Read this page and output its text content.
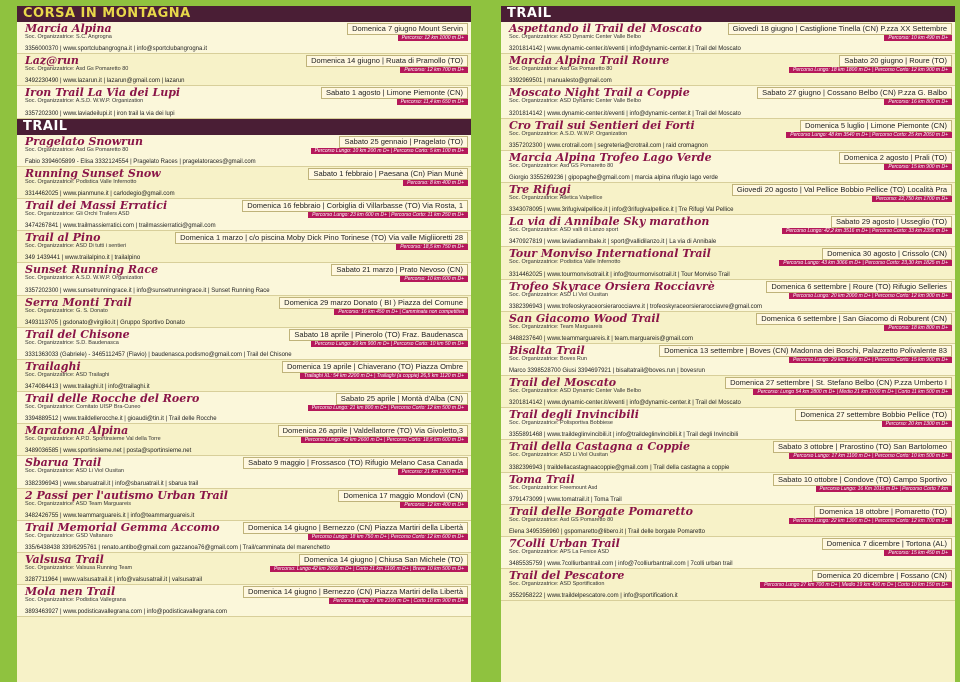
CORSA IN MONTAGNA
Marcia Alpina
Soc. Organizzatrice: S.C. Angrogna
Domenica 7 giugno Mount Servin
Percorso: 12 km 1000 m D+
3356000370 | www.sportclubangrogna.it | info@sportclubangrogna.it
Laz@run
Soc. Organizzatrice: Asd Gs Pomaretto 80
Domenica 14 giugno | Ruata di Pramollo (TO)
Percorso: 12 km 700 m D+
3492230490 | www.lazarun.it | lazarun@gmail.com | lazarun
Iron Trail La Via dei Lupi
Soc. Organizzatrice: A.S.D. W.W.P. Organization
Sabato 1 agosto | Limone Piemonte (CN)
Percorso: 11,4 km 650 m D+
3357202300 | www.laviadeilupi.it | iron trail la via dei lupi
TRAIL
Pragelato Snowrun
Soc. Organizzatrice: Asd Gs Pomaretto 80
Sabato 25 gennaio | Pragelato (TO)
Percorso Lungo: 10 km 200 m D+ | Percorso Corto: 5 km 100 m D+
Fabio 3394605899 - Elisa 3332124554 | Pragelato Races | pragelatoraces@gmail.com
Running Sunset Snow
Soc. Organizzatrice: Podistica Valle Infernotto
Sabato 1 febbraio | Paesana (Cn) Pian Munè
Percorso: 8 km 400 m D+
3314462025 | www.pianmune.it | carlodegio@gmail.com
Trail dei Massi Erratici
Soc. Organizzatrice: Gli Orchi Trailers ASD
Domenica 16 febbraio | Corbiglia di Villarbasse (TO) Via Rosta, 1
Percorso Lungo: 23 km 600 m D+ | Percorso Corto: 11 km 250 m D+
3474267841 | www.trailmassierratici.com | trailmassierratici@gmail.com
Trail al Pino
Soc. Organizzatrice: ASD Di tutti i sentieri
Domenica 1 marzo | c/o piscina Moby Dick Pino Torinese (TO) Via valle Migliioretti 28
Percorso: 18,5 km 750 m D+
349 1439441 | www.trailalpino.it | trailalpino
Sunset Running Race
Soc. Organizzatrice: A.S.D. W.W.P. Organization
Sabato 21 marzo | Prato Nevoso (CN)
Percorso: 10 km 600 m D+
3357202300 | www.sunsetrunningrace.it | info@sunsetrunningrace.it | Sunset Running Race
Serra Monti Trail
Soc. Organizzatrice: G. S. Donato
Domenica 29 marzo Donato ( BI ) Piazza del Comune
Percorso: 16 km 450 m D+ | Camminata non competitiva
3493113705 | gsdonato@virgilio.it | Gruppo Sportivo Donato
Trail del Chisone
Soc. Organizzatrice: S.D. Baudenasca
Sabato 18 aprile | Pinerolo (TO) Fraz. Baudenasca
Percorso Lungo: 20 km 900 m D+ | Percorso Corto: 10 km 50 m D+
3331363033 (Gabriele) - 3465112457 (Flavio) | baudenasca.podismo@gmail.com | Trail del Chisone
Trailaghi
Soc. Organizzatrice: ASD Trailaghi
Domenica 19 aprile | Chiaverano (TO) Piazza Ombre
Trailaghi XL: 54 km 2200 m D+ | Trailaghi (a coppie) 26,5 km 1120 m D+
3474084413 | www.trailaghi.it | info@trailaghi.it
Trail delle Rocche del Roero
Soc. Organizzatrice: Comitato UISP Bra-Cuneo
Sabato 25 aprile | Montà d'Alba (CN)
Percorso Lungo: 21 km 800 m D+ | Percorso Corto: 12 km 500 m D+
3394889512 | www.traildellerocche.it | gioaudi@tin.it | Trail delle Rocche
Maratona Alpina
Soc. Organizzatrice: A.P.D. Sportinsieme Val della Torre
Domenica 26 aprile | Valdellatorre (TO) Via Givoletto,3
Percorso Lungo: 42 km 2600 m D+ | Percorso Corto: 18,5 km 600 m D+
3489036585 | www.sportinsieme.net | posta@sportinsieme.net
Sbarua Trail
Soc. Organizzatrice: ASD Li Viol Ousitan
Sabato 9 maggio | Frossasco (TO) Rifugio Melano Casa Canada
Percorso: 21 km 1300 m D+
3382396943 | www.sbaruatrail.it | info@sbaruatrail.it | sbarua trail
2 Passi per l'autismo Urban Trail
Soc. Organizzatrice: ASD Team Marguareis
Domenica 17 maggio Mondovì (CN)
Percorso: 12 km 400 m D+
3482426755 | www.teammarguareis.it | info@teammarguareis.it
Trail Memorial Gemma Accomo
Soc. Organizzatrice: GSD Valtanaro
Domenica 14 giugno | Bernezzo (CN) Piazza Martiri della Libertà
Percorso Lungo: 18 km 750 m D+ | Percorso Corto: 12 km 600 m D+
335/6438438 339/6295761 | renato.antibo@gmail.com gazzanoa76@gmail.com | Trail/camminata del marenchetto
Valsusa Trail
Soc. Organizzatrice: Valsusa Running Team
Domenica 14 giugno | Chiusa San Michele (TO)
Percorso: Lungo 42 km 2600 m D+ | Corto 21 km 1100 m D+ | Breve 10 km 500 m D+
3287711964 | www.valsusatrail.it | info@valsusatrail.it | valsusatrail
Mola nen Trail
Soc. Organizzatrice: Podistica Vallegrana
Domenica 14 giugno | Bernezzo (CN) Piazza Martiri della Libertà
Percorso Lungo 37 km 2100 m D+ | Corto 18 km 900 m D+
3893463927 | www.podisticavallegrana.com | info@podisticavallegrana.com
TRAIL
Aspettando il Trail del Moscato
Soc. Organizzatrice: ASD Dynamic Center Valle Belbo
Giovedì 18 giugno | Castiglione Tinella (CN) P.zza XX Settembre
Percorso: 10 km 490 m D+
3201814142 | www.dynamic-center.it/eventi | info@dynamic-center.it | Trail del Moscato
Marcia Alpina Trail Roure
Soc. Organizzatrice: Asd Gs Pomaretto 80
Sabato 20 giugno | Roure (TO)
Percorso Lungo: 18 km 1800 m D+ | Percorso Corto: 12 km 900 m D+
3392969501 | manualesto@gmail.com
Moscato Night Trail a Coppie
Soc. Organizzatrice: ASD Dynamic Center Valle Belbo
Sabato 27 giugno | Cossano Belbo (CN) P.zza G. Balbo
Percorso: 16 km 800 m D+
3201814142 | www.dynamic-center.it/eventi | info@dynamic-center.it | Trail del Moscato
Cro Trail sui Sentieri dei Forti
Soc. Organizzatrice: A.S.D. W.W.P. Organization
Domenica 5 luglio | Limone Piemonte (CN)
Percorso Lungo: 48 km 3540 m D+ | Percorso Corto: 25 km 2050 m D+
3357202300 | www.crotrail.com | segreteria@crotrail.com | raid cromagnon
Marcia Alpina Trofeo Lago Verde
Soc. Organizzatrice: Asd GS Pomaretto 80
Domenica 2 agosto | Prali (TO)
Percorso: 15 km 900 m D+
Giorgio 3355269236 | gipopaghe@gmail.com | marcia alpina rifugio lago verde
Tre Rifugi
Soc. Organizzatrice: Atletica Valpellice
Giovedì 20 agosto | Val Pellice Bobbio Pellice (TO) Località Pra
Percorso: 22,750 km 1700 m D+
3343078095 | www.3rifugivalpellice.it | info@3rifugivalpellice.it | Tre Rifugi Val Pellice
La via di Annibale Sky marathon
Soc. Organizzatrice: ASD valli di Lanzo sport
Sabato 29 agosto | Usseglio (TO)
Percorso Lungo: 42,2 km 3516 m D+ | Percorso Corto: 33 km 2356 m D+
3470927819 | www.laviadiannibale.it | sport@vallidilanzo.it | La via di Annibale
Tour Monviso International Trail
Soc. Organizzatrice: Podistica Valle Infernotto
Domenica 30 agosto | Crissolo (CN)
Percorso Lungo: 43 km 3066 m D+ | Percorso Corto: 23,30 km 1825 m D+
3314462025 | www.tourmonvisotrail.it | info@tourmonvisotrail.it | Tour Monviso Trail
Trofeo Skyrace Orsiera Rocciavrè
Soc. Organizzatrice: ASD Li Viol Ousitan
Domenica 6 settembre | Roure (TO) Rifugio Selleries
Percorso Lungo: 20 km 2000 m D+ | Percorso Corto: 12 km 900 m D+
3382396943 | www.trofeoskyraceorsierarocciavre.it | trofeoskyraceorsierarocciavre@gmail.com
San Giacomo Wood Trail
Soc. Organizzatrice: Team Marguareis
Domenica 6 settembre | San Giacomo di Roburent (CN)
Percorso: 18 km 800 m D+
3488237640 | www.teammarguareis.it | team.marguareis@gmail.com
Bisalta Trail
Soc. Organizzatrice: Boves Run
Domenica 13 settembre | Boves (CN) Madonna dei Boschi, Palazzetto Polivalente 83
Percorso Lungo: 29 km 1700 m D+ | Percorso Corto: 15 km 900 m D+
Marco 3398528700 Giusi 3394697921 | bisaltatrail@boves.run | bovesrun
Trail del Moscato
Soc. Organizzatrice: ASD Dynamic Center Valle Belbo
Domenica 27 settembre | St. Stefano Belbo (CN) P.zza Umberto I
Percorso: Lungo 54 km 2800 m D+ | Medio 21 km 1000 m D+ | Corto 11 km 500 m D+
3201814142 | www.dynamic-center.it/eventi | info@dynamic-center.it | Trail del Moscato
Trail degli Invincibili
Soc. Organizzatrice: Polisportiva Bobbiese
Domenica 27 settembre Bobbio Pellice (TO)
Percorso: 20 km 1300 m D+
3355891468 | www.traildeglinvincibili.it | info@traildeglinvincibili.it | Trail degli Invincibili
Trail della Castagna a Coppie
Soc. Organizzatrice: ASD Li Viol Ousitan
Sabato 3 ottobre | Prarostino (TO) San Bartolomeo
Percorso Lungo: 17 km 1100 m D+ | Percorso Corto: 10 km 500 m D+
3382396943 | traildellacastagnaacoppie@gmail.com | Trail della castagna a coppie
Toma Trail
Soc. Organizzatrice: Freemount Asd
Sabato 10 ottobre | Condove (TO) Campo Sportivo
Percorso Lungo: 16 Km 1015 m D+ | Percorso Corto 7 km
3791473099 | www.tomatrail.it | Toma Trail
Trail delle Borgate Pomaretto
Soc. Organizzatrice: Asd GS Pomaretto 80
Domenica 18 ottobre | Pomaretto (TO)
Percorso Lungo: 22 km 1300 m D+ | Percorso Corto: 12 km 700 m D+
Elena 3495356960 | gspomaretto@libero.it | Trail delle borgate Pomaretto
7Colli Urban Trail
Soc. Organizzatrice: APS La Fenice ASD
Domenica 7 dicembre | Tortona (AL)
Percorso: 15 km 450 m D+
3485535759 | www.7colliurbantrail.com | info@7colliurbantrail.com | 7colli urban trail
Trail del Pescatore
Soc. Organizzatrice: ASD Sportification
Domenica 20 dicembre | Fossano (CN)
Percorso Lungo 27 km 700 m D+ | Medio 19 km 450 m D+ | Corto 10 km 150 m D+
3552958222 | www.traildelpescatore.com | info@sportification.it
